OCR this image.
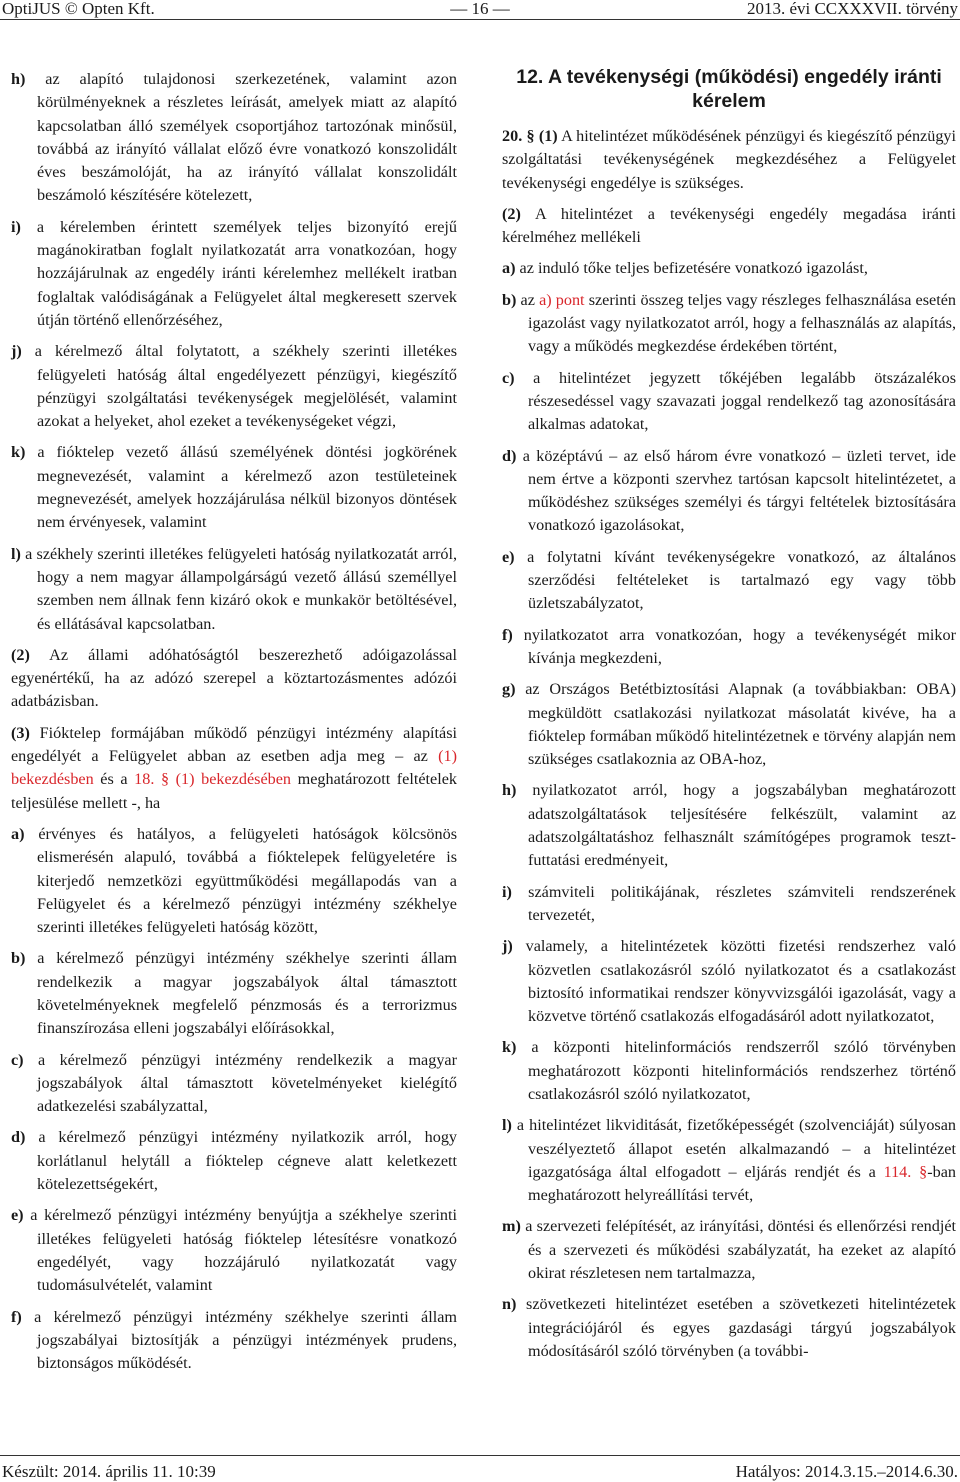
OptiJUS © Opten Kft.	— 16 —	2013. évi CCXXXVII. törvény
h) az alapító tulajdonosi szerkezetének, valamint azon körülményeknek a részletes leírását, amelyek miatt az alapító kapcsolatban álló személyek csoportjához tartozónak minősül, továbbá az irányító vállalat előző évre vonatkozó konszolidált éves beszámolóját, ha az irányító vállalat konszolidált beszámoló készítésére kötelezett,
i) a kérelemben érintett személyek teljes bizonyító erejű magánokiratban foglalt nyilatkozatát arra vonatkozóan, hogy hozzájárulnak az engedély iránti kérelemhez mellékelt iratban foglaltak valódiságának a Felügyelet által megkeresett szervek útján történő ellenőrzéséhez,
j) a kérelmező által folytatott, a székhely szerinti illetékes felügyeleti hatóság által engedélyezett pénzügyi, kiegészítő pénzügyi szolgáltatási tevékenységek megjelölését, valamint azokat a helyeket, ahol ezeket a tevékenységeket végzi,
k) a fióktelep vezető állású személyének döntési jogkörének megnevezését, valamint a kérelmező azon testületeinek megnevezését, amelyek hozzájárulása nélkül bizonyos döntések nem érvényesek, valamint
l) a székhely szerinti illetékes felügyeleti hatóság nyilatkozatát arról, hogy a nem magyar állampolgárságú vezető állású személlyel szemben nem állnak fenn kizáró okok e munkakör betöltésével, és ellátásával kapcsolatban.
(2) Az állami adóhatóságtól beszerezhető adóigazolással egyenértékű, ha az adózó szerepel a köztartozásmentes adózói adatbázisban.
(3) Fióktelep formájában működő pénzügyi intézmény alapítási engedélyét a Felügyelet abban az esetben adja meg – az (1) bekezdésben és a 18. § (1) bekezdésében meghatározott feltételek teljesülése mellett -, ha
a) érvényes és hatályos, a felügyeleti hatóságok kölcsönös elismerésén alapuló, továbbá a fióktelepek felügyeletére is kiterjedő nemzetközi együttműködési megállapodás van a Felügyelet és a kérelmező pénzügyi intézmény székhelye szerinti illetékes felügyeleti hatóság között,
b) a kérelmező pénzügyi intézmény székhelye szerinti állam rendelkezik a magyar jogszabályok által támasztott követelményeknek megfelelő pénzmosás és a terrorizmus finanszírozása elleni jogszabályi előírásokkal,
c) a kérelmező pénzügyi intézmény rendelkezik a magyar jogszabályok által támasztott követelményeket kielégítő adatkezelési szabályzattal,
d) a kérelmező pénzügyi intézmény nyilatkozik arról, hogy korlátlanul helytáll a fióktelep cégneve alatt keletkezett kötelezettségekért,
e) a kérelmező pénzügyi intézmény benyújtja a székhelye szerinti illetékes felügyeleti hatóság fióktelep létesítésre vonatkozó engedélyét, vagy hozzájáruló nyilatkozatát vagy tudomásulvételét, valamint
f) a kérelmező pénzügyi intézmény székhelye szerinti állam jogszabályai biztosítják a pénzügyi intézmények prudens, biztonságos működését.
12. A tevékenységi (működési) engedély iránti kérelem
20. § (1) A hitelintézet működésének pénzügyi és kiegészítő pénzügyi szolgáltatási tevékenységének megkezdéséhez a Felügyelet tevékenységi engedélye is szükséges.
(2) A hitelintézet a tevékenységi engedély megadása iránti kérelméhez mellékeli
a) az induló tőke teljes befizetésére vonatkozó igazolást,
b) az a) pont szerinti összeg teljes vagy részleges felhasználása esetén igazolást vagy nyilatkozatot arról, hogy a felhasználás az alapítás, vagy a működés megkezdése érdekében történt,
c) a hitelintézet jegyzett tőkéjében legalább ötszázalékos részesedéssel vagy szavazati joggal rendelkező tag azonosítására alkalmas adatokat,
d) a középtávú – az első három évre vonatkozó – üzleti tervet, ide nem értve a központi szervhez tartósan kapcsolt hitelintézetet, a működéshez szükséges személyi és tárgyi feltételek biztosítására vonatkozó igazolásokat,
e) a folytatni kívánt tevékenységekre vonatkozó, az általános szerződési feltételeket is tartalmazó egy vagy több üzletszabályzatot,
f) nyilatkozatot arra vonatkozóan, hogy a tevékenységét mikor kívánja megkezdeni,
g) az Országos Betétbiztosítási Alapnak (a továbbiakban: OBA) megküldött csatlakozási nyilatkozat másolatát kivéve, ha a fióktelep formában működő hitelintézetnek e törvény alapján nem szükséges csatlakoznia az OBA-hoz,
h) nyilatkozatot arról, hogy a jogszabályban meghatározott adatszolgáltatások teljesítésére felkészült, valamint az adatszolgáltatáshoz felhasznált számítógépes programok tesztfuttatási eredményeit,
i) számviteli politikájának, részletes számviteli rendszerének tervezetét,
j) valamely, a hitelintézetek közötti fizetési rendszerhez való közvetlen csatlakozásról szóló nyilatkozatot és a csatlakozást biztosító informatikai rendszer könyvvizsgálói igazolását, vagy a közvetve történő csatlakozás elfogadásáról adott nyilatkozatot,
k) a központi hitelinformációs rendszerről szóló törvényben meghatározott központi hitelinformációs rendszerhez történő csatlakozásról szóló nyilatkozatot,
l) a hitelintézet likviditását, fizetőképességét (szolvenciáját) súlyosan veszélyeztető állapot esetén alkalmazandó – a hitelintézet igazgatósága által elfogadott – eljárás rendjét és a 114. §-ban meghatározott helyreállítási tervét,
m) a szervezeti felépítését, az irányítási, döntési és ellenőrzési rendjét és a szervezeti és működési szabályzatát, ha ezeket az alapító okirat részletesen nem tartalmazza,
n) szövetkezeti hitelintézet esetében a szövetkezeti hitelintézetek integrációjáról és egyes gazdasági tárgyú jogszabályok módosításáról szóló törvényben (a további-
Készült: 2014. április 11. 10:39	Hatályos: 2014.3.15.–2014.6.30.
